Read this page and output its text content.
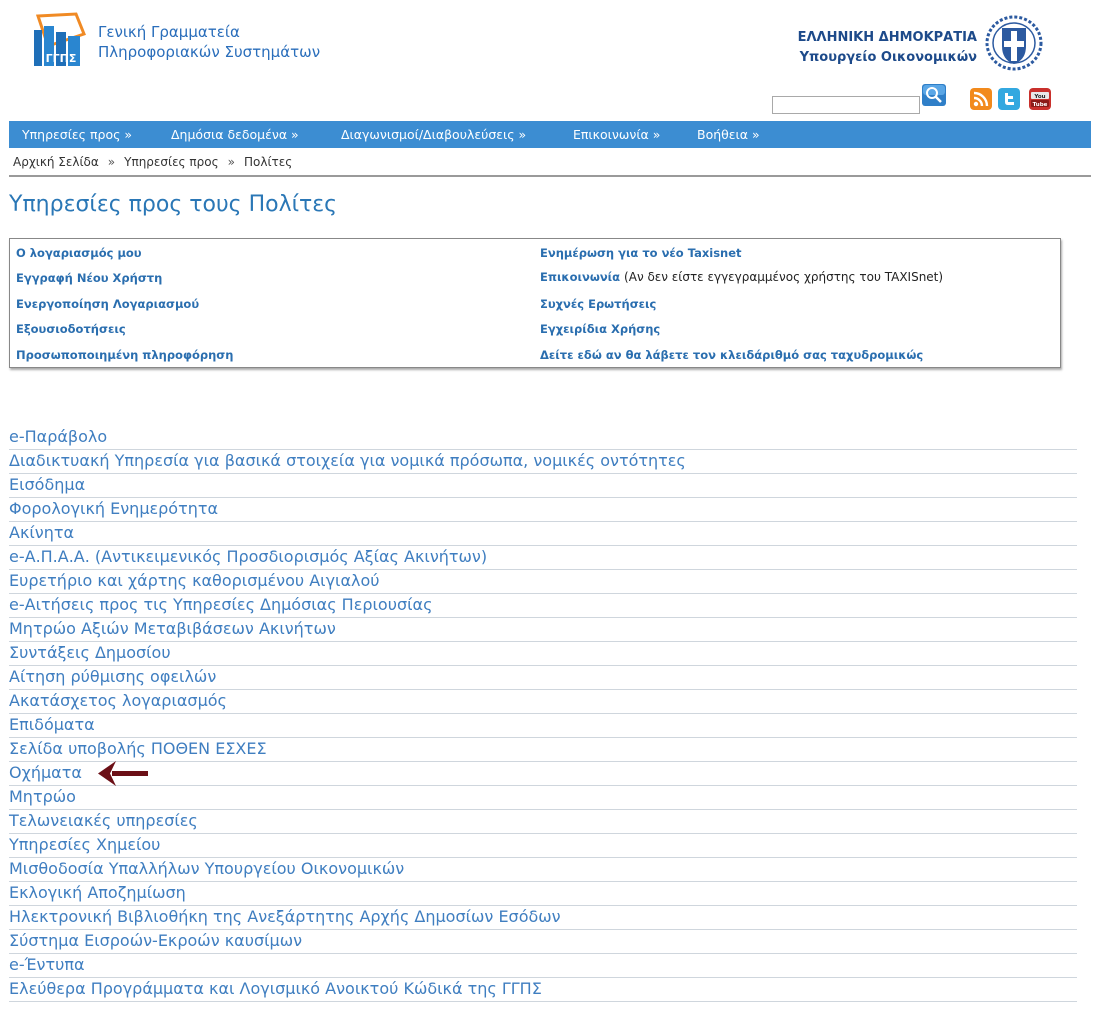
ΓΓΠΣ
Γενική Γραμματεία
Πληροφοριακών Συστημάτων
ΕΛΛΗΝΙΚΗ ΔΗΜΟΚΡΑΤΙΑ
Υπουργείο Οικονομικών
You
Tube
Υπηρεσίες προς »	Δημόσια δεδομένα »	Διαγωνισμοί/Διαβουλεύσεις »	Επικοινωνία »	Βοήθεια »
Αρχική Σελίδα » Υπηρεσίες προς » Πολίτες
Υπηρεσίες προς τους Πολίτες
Ο λογαριασμός μου
Εγγραφή Νέου Χρήστη
Ενεργοποίηση Λογαριασμού
Εξουσιοδοτήσεις
Προσωποποιημένη πληροφόρηση
Ενημέρωση για το νέο Taxisnet
Επικοινωνία (Αν δεν είστε εγγεγραμμένος χρήστης του TAXISnet)
Συχνές Ερωτήσεις
Εγχειρίδια Χρήσης
Δείτε εδώ αν θα λάβετε τον κλειδάριθμό σας ταχυδρομικώς
e-Παράβολο
Διαδικτυακή Υπηρεσία για βασικά στοιχεία για νομικά πρόσωπα, νομικές οντότητες
Εισόδημα
Φορολογική Ενημερότητα
Ακίνητα
e-Α.Π.Α.Α. (Αντικειμενικός Προσδιορισμός Αξίας Ακινήτων)
Ευρετήριο και χάρτης καθορισμένου Αιγιαλού
e-Αιτήσεις προς τις Υπηρεσίες Δημόσιας Περιουσίας
Μητρώο Αξιών Μεταβιβάσεων Ακινήτων
Συντάξεις Δημοσίου
Αίτηση ρύθμισης οφειλών
Ακατάσχετος λογαριασμός
Επιδόματα
Σελίδα υποβολής ΠΟΘΕΝ ΕΣΧΕΣ
Οχήματα
Μητρώο
Τελωνειακές υπηρεσίες
Υπηρεσίες Χημείου
Μισθοδοσία Υπαλλήλων Υπουργείου Οικονομικών
Εκλογική Αποζημίωση
Ηλεκτρονική Βιβλιοθήκη της Ανεξάρτητης Αρχής Δημοσίων Εσόδων
Σύστημα Εισροών-Εκροών καυσίμων
e-Έντυπα
Ελεύθερα Προγράμματα και Λογισμικό Ανοικτού Κώδικά της ΓΓΠΣ
